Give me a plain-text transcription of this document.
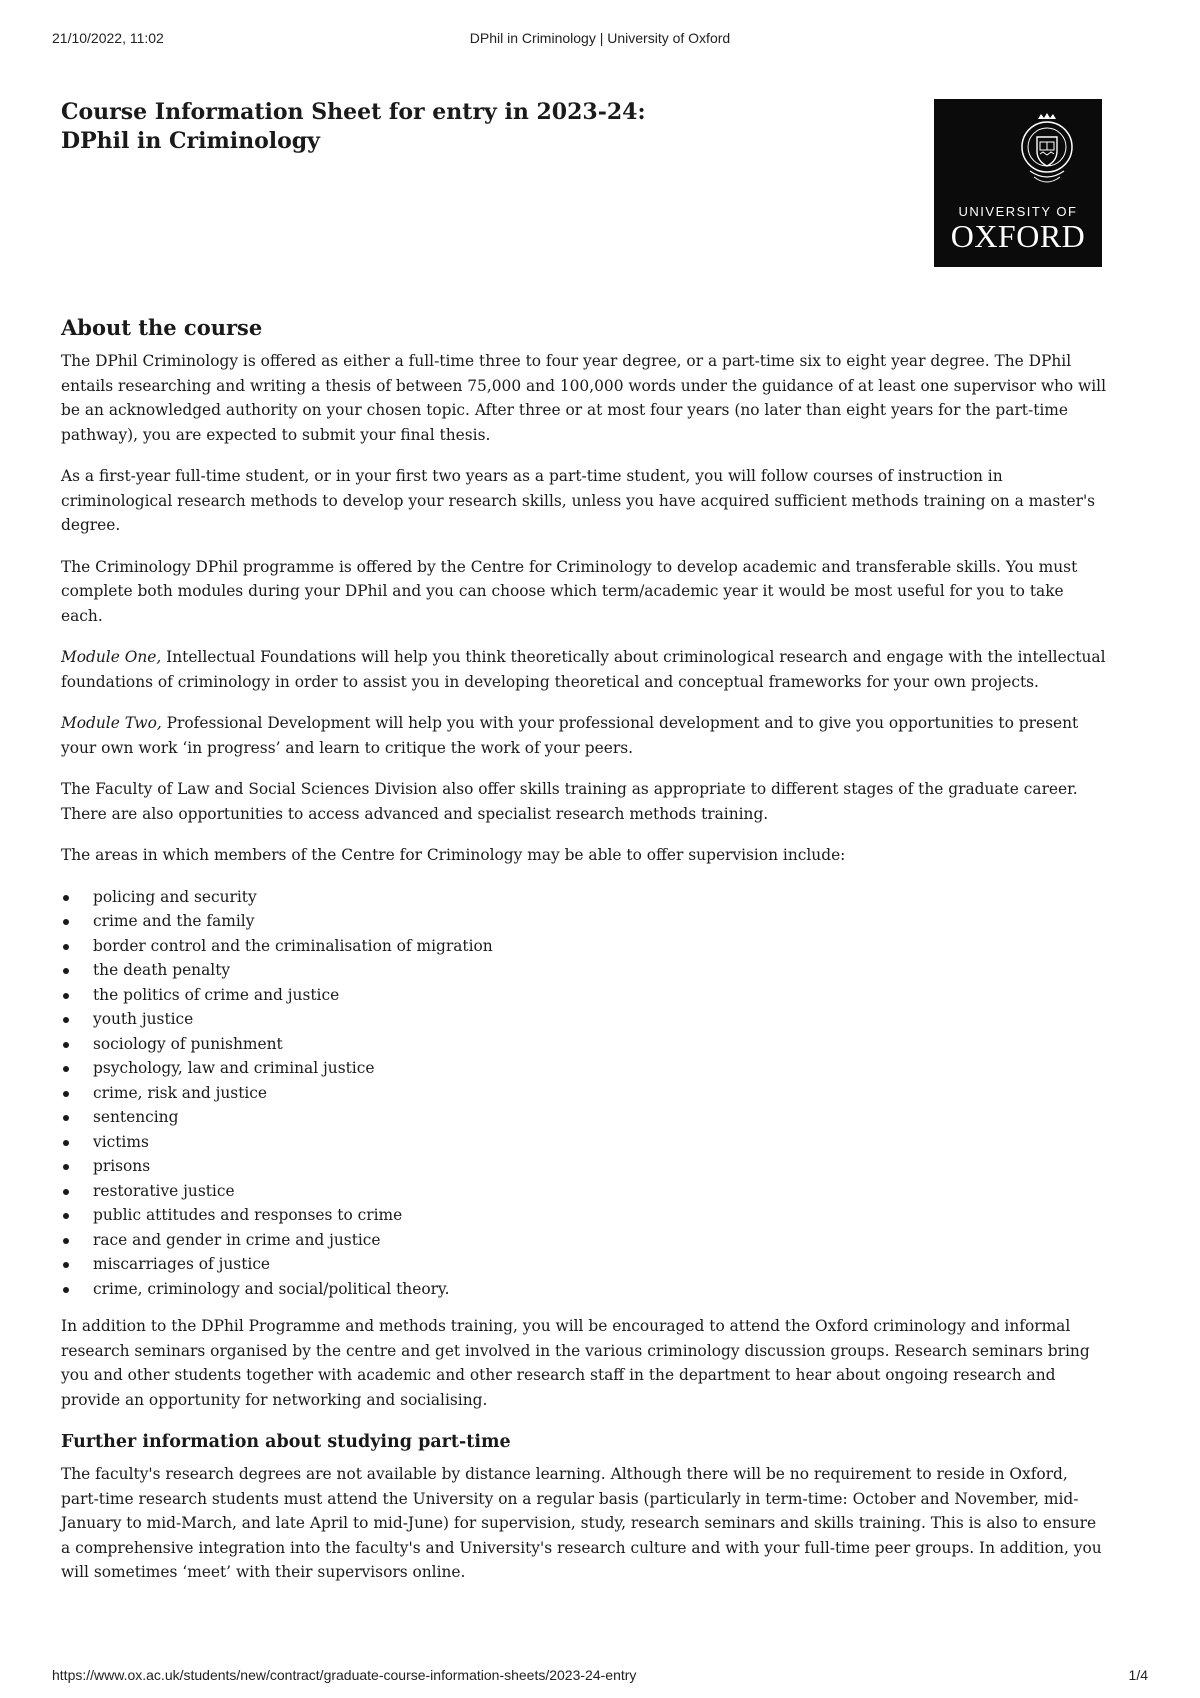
21/10/2022, 11:02	DPhil in Criminology | University of Oxford
Course Information Sheet for entry in 2023-24:
DPhil in Criminology
UNIVERSITY OF
OXFORD
About the course

The DPhil Criminology is offered as either a full-time three to four year degree, or a part-time six to eight year degree. The DPhil entails researching and writing a thesis of between 75,000 and 100,000 words under the guidance of at least one supervisor who will be an acknowledged authority on your chosen topic. After three or at most four years (no later than eight years for the part-time pathway), you are expected to submit your final thesis.

As a first-year full-time student, or in your first two years as a part-time student, you will follow courses of instruction in criminological research methods to develop your research skills, unless you have acquired sufficient methods training on a master's degree.

The Criminology DPhil programme is offered by the Centre for Criminology to develop academic and transferable skills. You must complete both modules during your DPhil and you can choose which term/academic year it would be most useful for you to take each.

Module One, Intellectual Foundations will help you think theoretically about criminological research and engage with the intellectual foundations of criminology in order to assist you in developing theoretical and conceptual frameworks for your own projects.

Module Two, Professional Development will help you with your professional development and to give you opportunities to present your own work ‘in progress’ and learn to critique the work of your peers.

The Faculty of Law and Social Sciences Division also offer skills training as appropriate to different stages of the graduate career. There are also opportunities to access advanced and specialist research methods training.

The areas in which members of the Centre for Criminology may be able to offer supervision include:

policing and security
crime and the family
border control and the criminalisation of migration
the death penalty
the politics of crime and justice
youth justice
sociology of punishment
psychology, law and criminal justice
crime, risk and justice
sentencing
victims
prisons
restorative justice
public attitudes and responses to crime
race and gender in crime and justice
miscarriages of justice
crime, criminology and social/political theory.

In addition to the DPhil Programme and methods training, you will be encouraged to attend the Oxford criminology and informal research seminars organised by the centre and get involved in the various criminology discussion groups. Research seminars bring you and other students together with academic and other research staff in the department to hear about ongoing research and provide an opportunity for networking and socialising.

Further information about studying part-time

The faculty's research degrees are not available by distance learning. Although there will be no requirement to reside in Oxford, part-time research students must attend the University on a regular basis (particularly in term-time: October and November, mid-January to mid-March, and late April to mid-June) for supervision, study, research seminars and skills training. This is also to ensure a comprehensive integration into the faculty's and University's research culture and with your full-time peer groups. In addition, you will sometimes ‘meet’ with their supervisors online.

https://www.ox.ac.uk/students/new/contract/graduate-course-information-sheets/2023-24-entry	1/4
